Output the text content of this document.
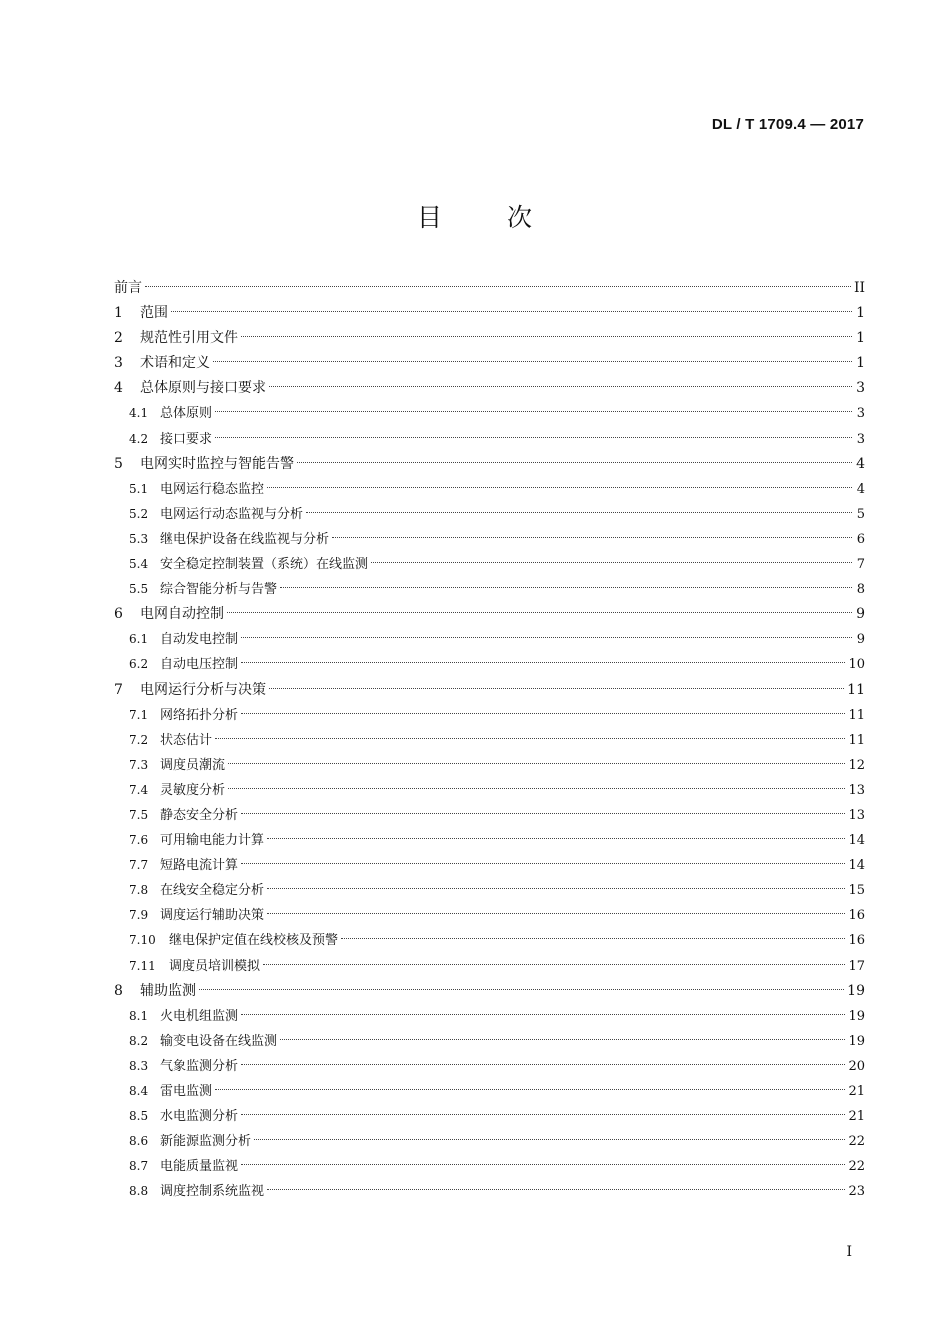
DL / T 1709.4 — 2017
目	次
前言	II
1	范围	1
2	规范性引用文件	1
3	术语和定义	1
4	总体原则与接口要求	3
4.1 总体原则	3
4.2 接口要求	3
5	电网实时监控与智能告警	4
5.1 电网运行稳态监控	4
5.2 电网运行动态监视与分析	5
5.3 继电保护设备在线监视与分析	6
5.4 安全稳定控制装置（系统）在线监测	7
5.5 综合智能分析与告警	8
6	电网自动控制	9
6.1 自动发电控制	9
6.2 自动电压控制	10
7	电网运行分析与决策	11
7.1 网络拓扑分析	11
7.2 状态估计	11
7.3 调度员潮流	12
7.4 灵敏度分析	13
7.5 静态安全分析	13
7.6 可用输电能力计算	14
7.7 短路电流计算	14
7.8 在线安全稳定分析	15
7.9 调度运行辅助决策	16
7.10	继电保护定值在线校核及预警	16
7.11	调度员培训模拟	17
8	辅助监测	19
8.1 火电机组监测	19
8.2 输变电设备在线监测	19
8.3 气象监测分析	20
8.4 雷电监测	21
8.5 水电监测分析	21
8.6 新能源监测分析	22
8.7 电能质量监视	22
8.8 调度控制系统监视	23
I
